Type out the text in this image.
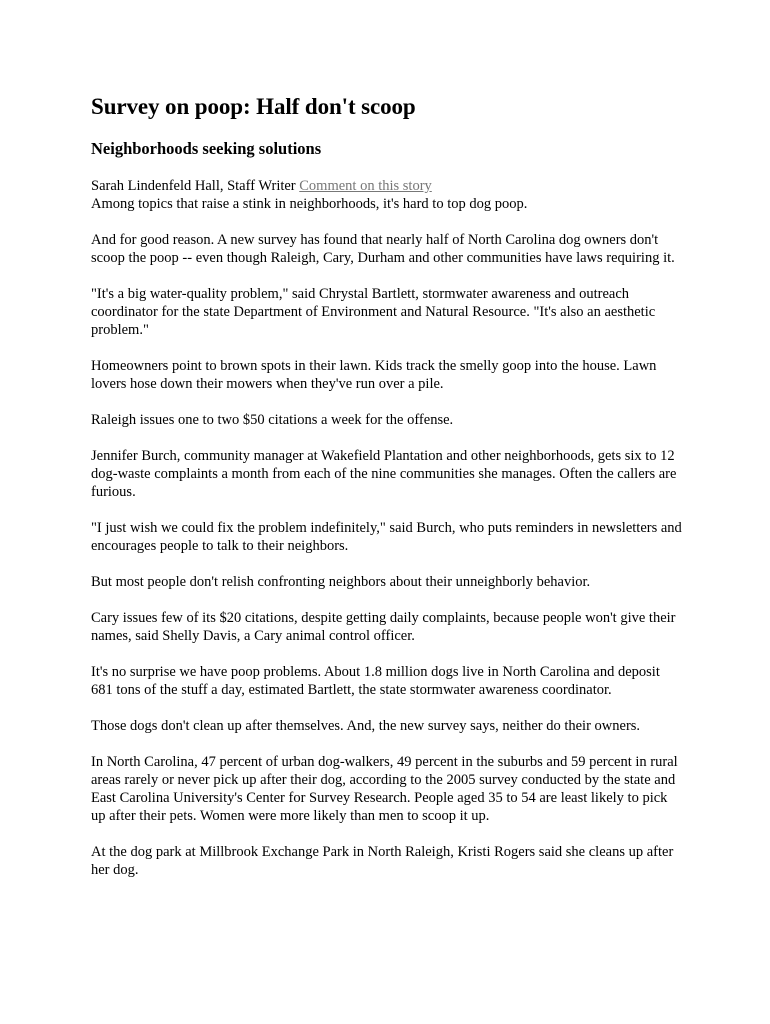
Survey on poop: Half don't scoop
Neighborhoods seeking solutions
Sarah Lindenfeld Hall, Staff Writer Comment on this story

Among topics that raise a stink in neighborhoods, it's hard to top dog poop.

And for good reason. A new survey has found that nearly half of North Carolina dog owners don't scoop the poop -- even though Raleigh, Cary, Durham and other communities have laws requiring it.

"It's a big water-quality problem," said Chrystal Bartlett, stormwater awareness and outreach coordinator for the state Department of Environment and Natural Resource. "It's also an aesthetic problem."

Homeowners point to brown spots in their lawn. Kids track the smelly goop into the house. Lawn lovers hose down their mowers when they've run over a pile.

Raleigh issues one to two $50 citations a week for the offense.

Jennifer Burch, community manager at Wakefield Plantation and other neighborhoods, gets six to 12 dog-waste complaints a month from each of the nine communities she manages. Often the callers are furious.

"I just wish we could fix the problem indefinitely," said Burch, who puts reminders in newsletters and encourages people to talk to their neighbors.

But most people don't relish confronting neighbors about their unneighborly behavior.

Cary issues few of its $20 citations, despite getting daily complaints, because people won't give their names, said Shelly Davis, a Cary animal control officer.

It's no surprise we have poop problems. About 1.8 million dogs live in North Carolina and deposit 681 tons of the stuff a day, estimated Bartlett, the state stormwater awareness coordinator.

Those dogs don't clean up after themselves. And, the new survey says, neither do their owners.

In North Carolina, 47 percent of urban dog-walkers, 49 percent in the suburbs and 59 percent in rural areas rarely or never pick up after their dog, according to the 2005 survey conducted by the state and East Carolina University's Center for Survey Research. People aged 35 to 54 are least likely to pick up after their pets. Women were more likely than men to scoop it up.

At the dog park at Millbrook Exchange Park in North Raleigh, Kristi Rogers said she cleans up after her dog.
